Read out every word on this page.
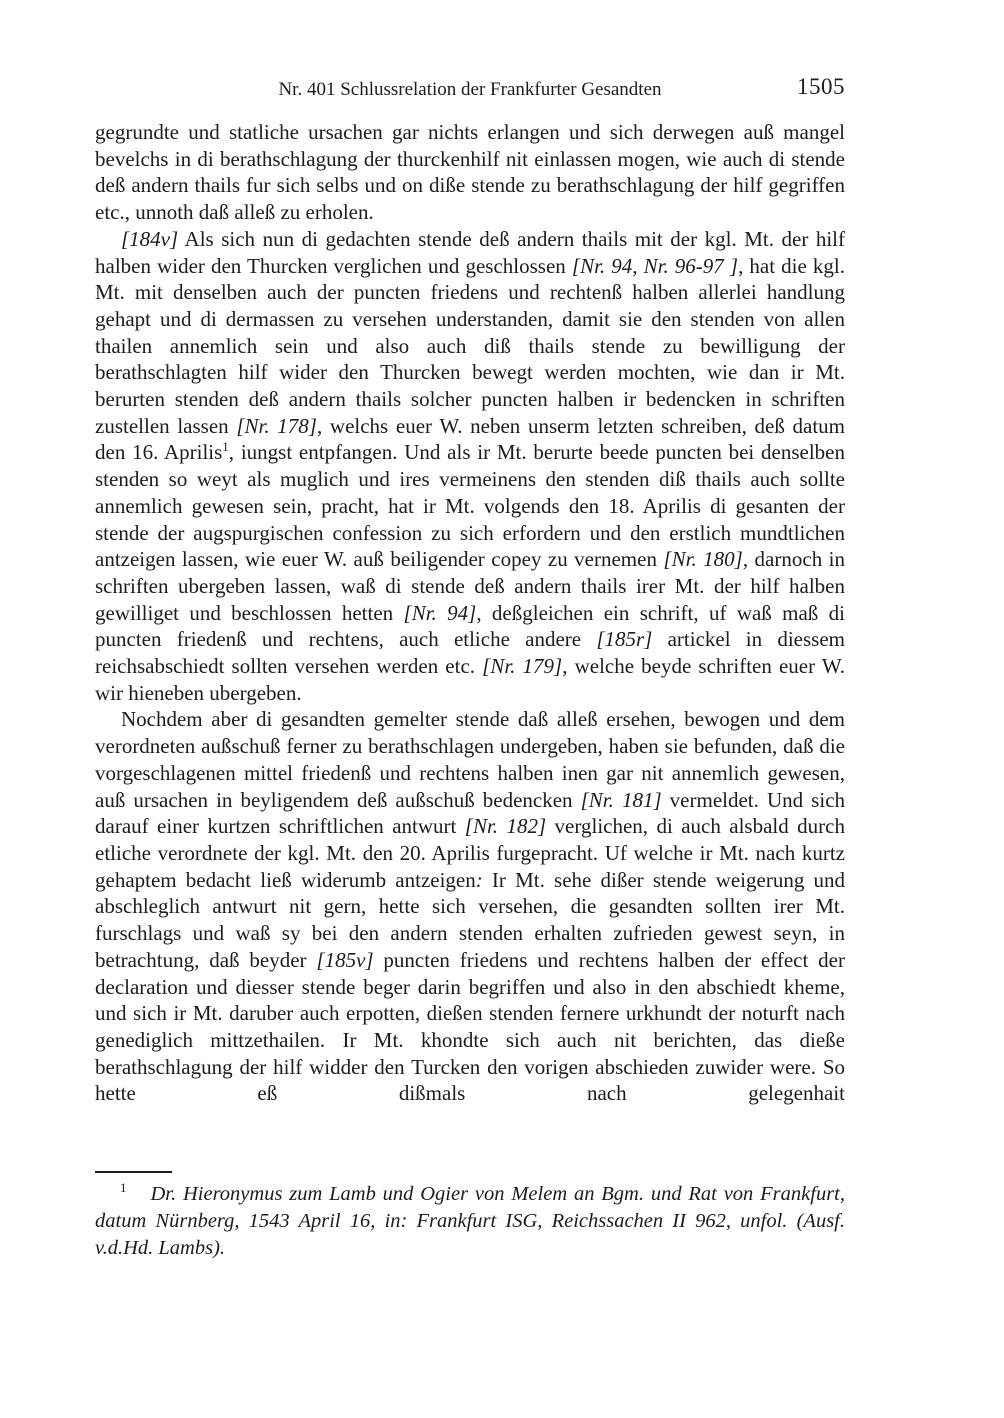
Nr. 401 Schlussrelation der Frankfurter Gesandten	1505

gegrundte und statliche ursachen gar nichts erlangen und sich derwegen auß mangel bevelchs in di berathschlagung der thurckenhilf nit einlassen mogen, wie auch di stende deß andern thails fur sich selbs und on diße stende zu berathschlagung der hilf gegriffen etc., unnoth daß alleß zu erholen.

[184v] Als sich nun di gedachten stende deß andern thails mit der kgl. Mt. der hilf halben wider den Thurcken verglichen und geschlossen [Nr. 94, Nr. 96-97 ], hat die kgl. Mt. mit denselben auch der puncten friedens und rechtenß halben allerlei handlung gehapt und di dermassen zu versehen understanden, damit sie den stenden von allen thailen annemlich sein und also auch diß thails stende zu bewilligung der berathschlagten hilf wider den Thurcken bewegt werden mochten, wie dan ir Mt. berurten stenden deß andern thails solcher puncten halben ir bedencken in schriften zustellen lassen [Nr. 178], welchs euer W. neben unserm letzten schreiben, deß datum den 16. Aprilis$^1$, iungst entpfangen. Und als ir Mt. berurte beede puncten bei denselben stenden so weyt als muglich und ires vermeinens den stenden diß thails auch sollte annemlich gewesen sein, pracht, hat ir Mt. volgends den 18. Aprilis di gesanten der stende der augspurgischen confession zu sich erfordern und den erstlich mundtlichen antzeigen lassen, wie euer W. auß beiligender copey zu vernemen [Nr. 180], darnoch in schriften ubergeben lassen, waß di stende deß andern thails irer Mt. der hilf halben gewilliget und beschlossen hetten [Nr. 94], deßgleichen ein schrift, uf waß maß di puncten friedenß und rechtens, auch etliche andere [185r] artickel in diessem reichsabschiedt sollten versehen werden etc. [Nr. 179], welche beyde schriften euer W. wir hieneben ubergeben.

Nochdem aber di gesandten gemelter stende daß alleß ersehen, bewogen und dem verordneten außschuß ferner zu berathschlagen undergeben, haben sie befunden, daß die vorgeschlagenen mittel friedenß und rechtens halben inen gar nit annemlich gewesen, auß ursachen in beyligendem deß außschuß bedencken [Nr. 181] vermeldet. Und sich darauf einer kurtzen schriftlichen antwurt [Nr. 182] verglichen, di auch alsbald durch etliche verordnete der kgl. Mt. den 20. Aprilis furgepracht. Uf welche ir Mt. nach kurtz gehaptem bedacht ließ widerumb antzeigen: Ir Mt. sehe dißer stende weigerung und abschleglich antwurt nit gern, hette sich versehen, die gesandten sollten irer Mt. furschlags und waß sy bei den andern stenden erhalten zufrieden gewest seyn, in betrachtung, daß beyder [185v] puncten friedens und rechtens halben der effect der declaration und diesser stende beger darin begriffen und also in den abschiedt kheme, und sich ir Mt. daruber auch erpotten, dießen stenden fernere urkhundt der noturft nach genediglich mittzethailen. Ir Mt. khondte sich auch nit berichten, das dieße berathschlagung der hilf widder den Turcken den vorigen abschieden zuwider were. So hette eß dißmals nach gelegenhait

$^1$ Dr. Hieronymus zum Lamb und Ogier von Melem an Bgm. und Rat von Frankfurt, datum Nürnberg, 1543 April 16, in: Frankfurt ISG, Reichssachen II 962, unfol. (Ausf. v.d.Hd. Lambs).
